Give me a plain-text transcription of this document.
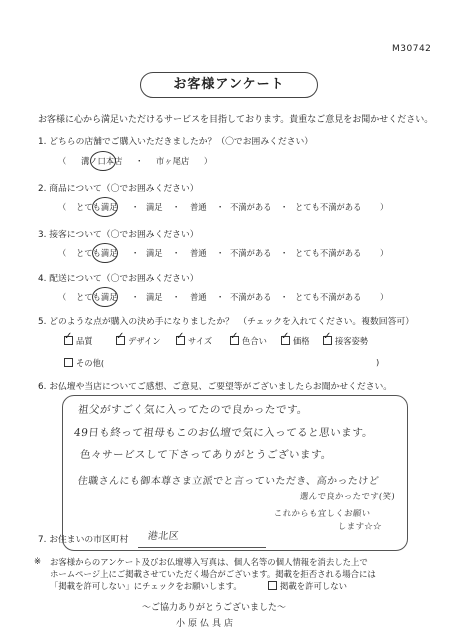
M30742
お客様アンケート
お客様に心から満足いただけるサービスを目指しております。貴重なご意見をお聞かせください。
1. どちらの店舗でご購入いただきましたか？（〇でお囲みください）
（ 溝ノ口本店 ・ 市ヶ尾店 ）
2. 商品について（〇でお囲みください）
（ とても満足 ・ 満足 ・ 普通 ・ 不満がある ・ とても不満がある ）
3. 接客について（〇でお囲みください）
（ とても満足 ・ 満足 ・ 普通 ・ 不満がある ・ とても不満がある ）
4. 配送について（〇でお囲みください）
（ とても満足 ・ 満足 ・ 普通 ・ 不満がある ・ とても不満がある ）
5. どのような点が購入の決め手になりましたか？　（チェックを入れてください。複数回答可）
✓品質 ✓	デザイン ✓	サイズ ✓	色合い ✓	価格 ✓	接客姿勢
その他(	)
6. お仏壇や当店についてご感想、ご意見、ご要望等がございましたらお聞かせください。
祖父がすごく気に入ってたので良かったです。
49日も終って祖母もこのお仏壇で気に入ってると思います。
色々サービスして下さってありがとうございます。
住職さんにも御本尊さま立派でと言っていただき、高かったけど
選んで良かったです(笑)
これからも宜しくお願い
します☆☆
7. お住まいの市区町村 港北区
※ お客様からのアンケート及びお仏壇導入写真は、個人名等の個人情報を消去した上で
ホームページ上にご掲載させていただく場合がございます。掲載を拒否される場合には
「掲載を許可しない」にチェックをお願いします。	掲載を許可しない
〜ご協力ありがとうございました〜
小原仏具店
